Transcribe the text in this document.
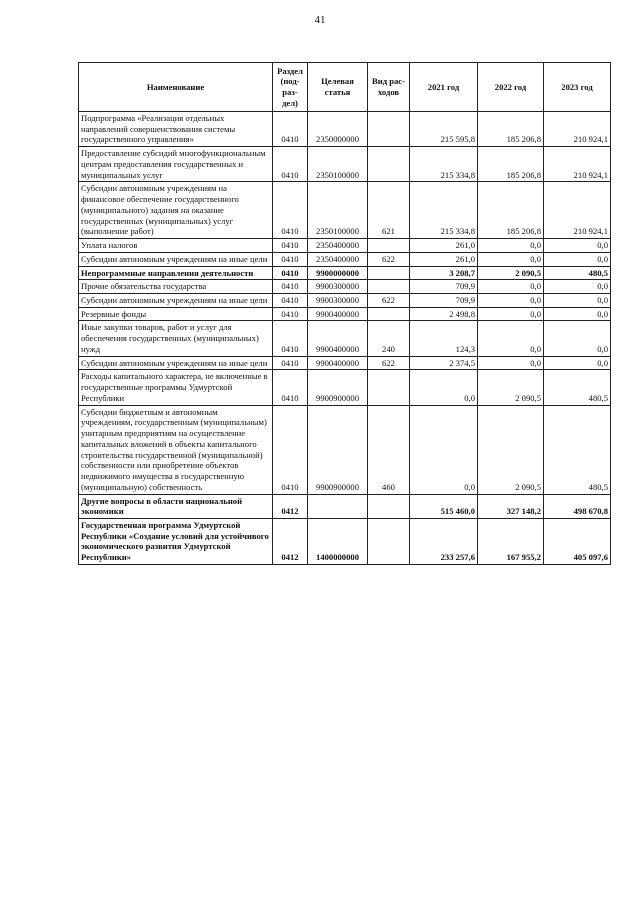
41
Наименование	Раздел (под-раз-дел)	Целевая статья	Вид рас-ходов	2021 год	2022 год	2023 год
Подпрограмма «Реализация отдельных направлений совершенствования системы государственного управления»	0410	2350000000		215 595,8	185 206,8	210 924,1
Предоставление субсидий многофункциональным центрам предоставления государственных и муниципальных услуг	0410	2350100000		215 334,8	185 206,8	210 924,1
Субсидии автономным учреждениям на финансовое обеспечение государственного (муниципального) задания на оказание государственных (муниципальных) услуг (выполнение работ)	0410	2350100000	621	215 334,8	185 206,8	210 924,1
Уплата налогов	0410	2350400000		261,0	0,0	0,0
Субсидии автономным учреждениям на иные цели	0410	2350400000	622	261,0	0,0	0,0
Непрограммные направления деятельности	0410	9900000000		3 208,7	2 090,5	480,5
Прочие обязательства государства	0410	9900300000		709,9	0,0	0,0
Субсидии автономным учреждениям на иные цели	0410	9900300000	622	709,9	0,0	0,0
Резервные фонды	0410	9900400000		2 498,8	0,0	0,0
Иные закупки товаров, работ и услуг для обеспечения государственных (муниципальных) нужд	0410	9900400000	240	124,3	0,0	0,0
Субсидии автономным учреждениям на иные цели	0410	9900400000	622	2 374,5	0,0	0,0
Расходы капитального характера, не включенные в государственные программы Удмуртской Республики	0410	9900900000		0,0	2 090,5	480,5
Субсидии бюджетным и автономным учреждениям, государственным (муниципальным) унитарным предприятиям на осуществление капитальных вложений в объекты капитального строительства государственной (муниципальной) собственности или приобретение объектов недвижимого имущества в государственную (муниципальную) собственность	0410	9900900000	460	0,0	2 090,5	480,5
Другие вопросы в области национальной экономики	0412			515 460,0	327 148,2	498 670,8
Государственная программа Удмуртской Республики «Создание условий для устойчивого экономического развития Удмуртской Республики»	0412	1400000000		233 257,6	167 955,2	405 097,6
